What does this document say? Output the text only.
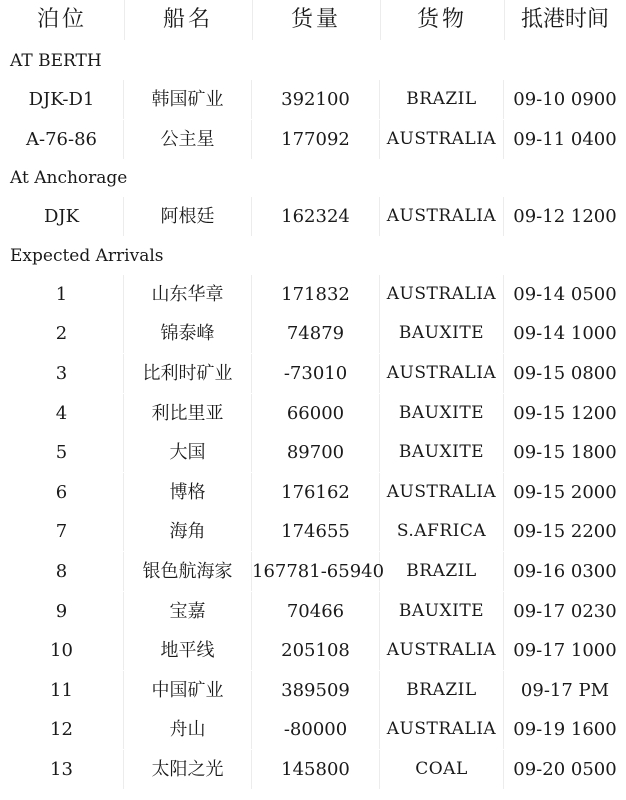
泊位	船名	货量	货物	抵港时间
AT BERTH
DJK-D1	韩国矿业	392100	BRAZIL	09-10 0900
A-76-86	公主星	177092	AUSTRALIA 09-11 0400
At Anchorage
DJK	阿根廷	162324	AUSTRALIA 09-12 1200
Expected Arrivals
1	山东华章	171832	AUSTRALIA 09-14 0500
2	锦泰峰	74879	BAUXITE	09-14 1000
3	比利时矿业	-73010	AUSTRALIA 09-15 0800
4	利比里亚	66000	BAUXITE	09-15 1200
5	大国	89700	BAUXITE	09-15 1800
6	博格	176162	AUSTRALIA 09-15 2000
7	海角	174655	S.AFRICA	09-15 2200
8	银色航海家	167781-65940	BRAZIL	09-16 0300
9	宝嘉	70466	BAUXITE	09-17 0230
10	地平线	205108	AUSTRALIA 09-17 1000
11	中国矿业	389509	BRAZIL	09-17 PM
12	舟山	-80000	AUSTRALIA 09-19 1600
13	太阳之光	145800	COAL	09-20 0500
